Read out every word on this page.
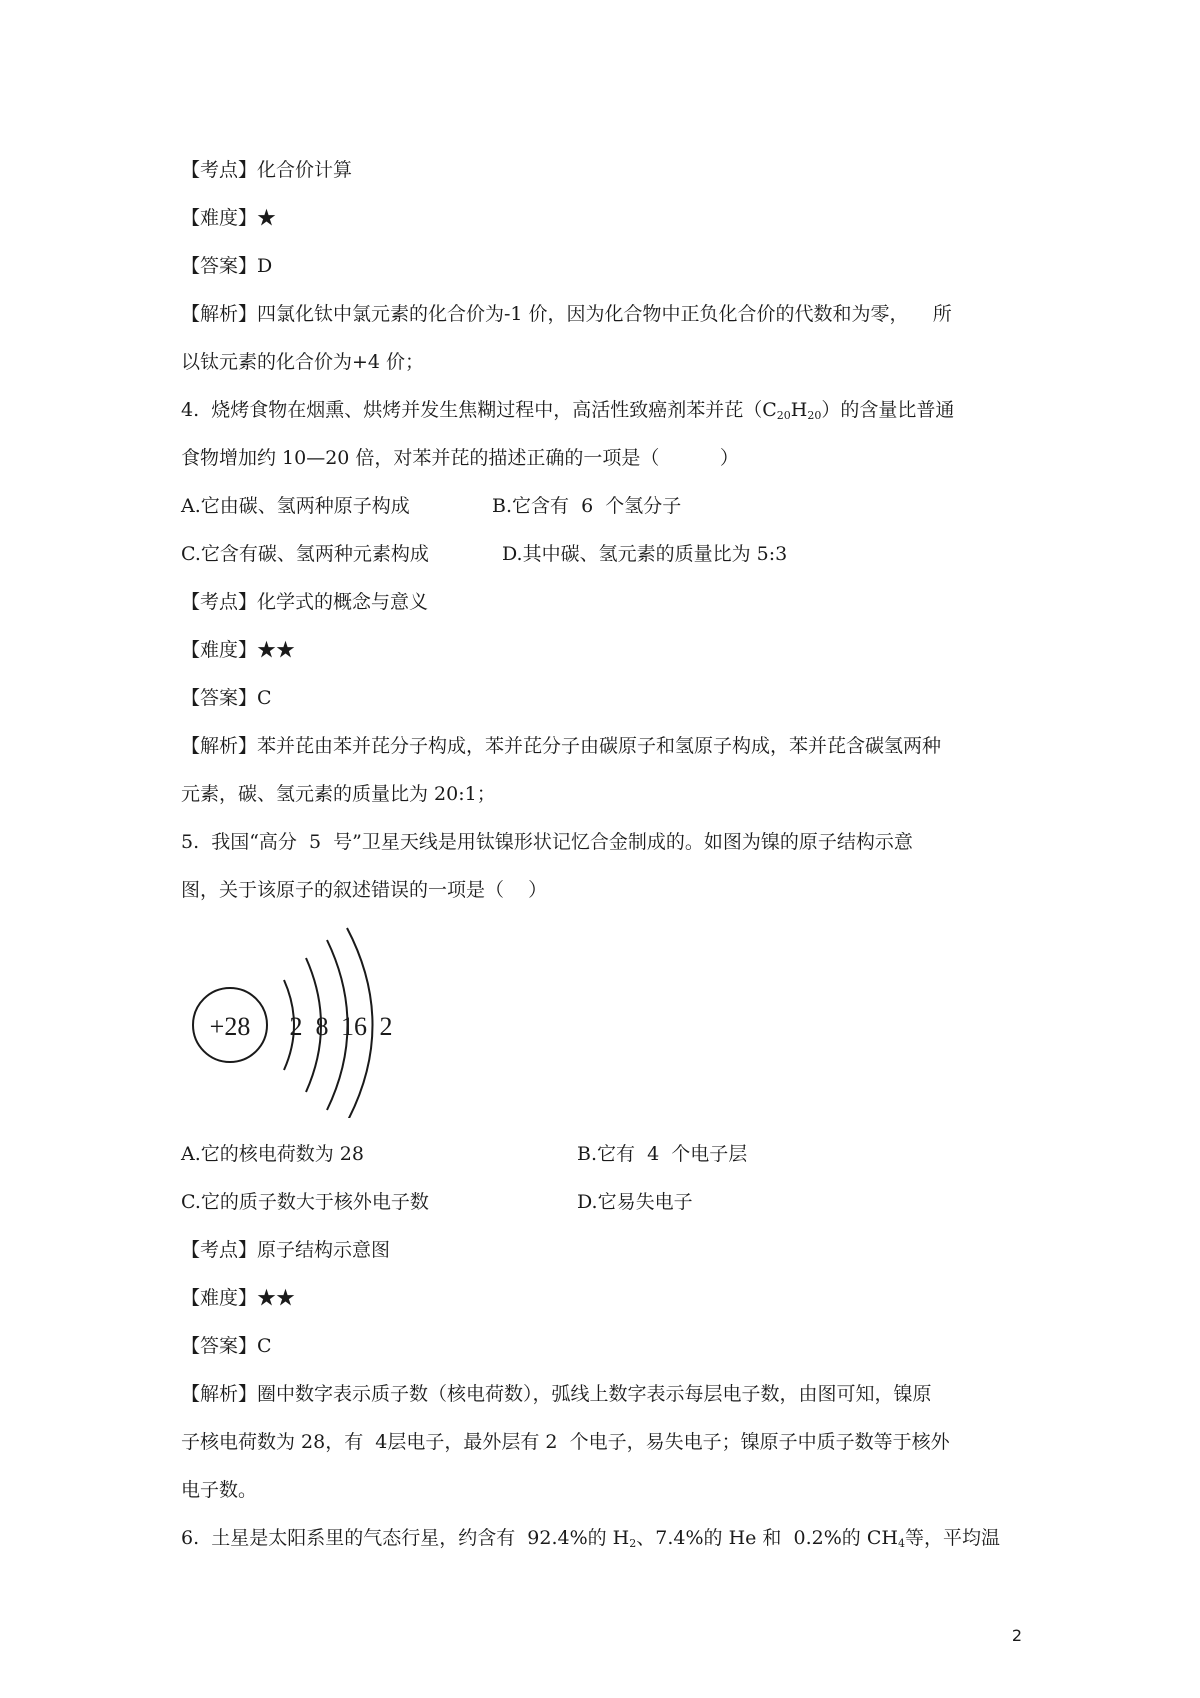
【考点】化合价计算
【难度】★
【答案】D
【解析】四氯化钛中氯元素的化合价为-1 价，因为化合物中正负化合价的代数和为零，    所
以钛元素的化合价为+4 价；
4.  烧烤食物在烟熏、烘烤并发生焦糊过程中，高活性致癌剂苯并芘$(C_{20}H_{20})$的含量比普通
食物增加约 10—20 倍，对苯并芘的描述正确的一项是（          ）
A.它由碳、氢两种原子构成	B.它含有  6  个氢分子
C.它含有碳、氢两种元素构成	D.其中碳、氢元素的质量比为 5:3
【考点】化学式的概念与意义
【难度】★★
【答案】C
【解析】苯并芘由苯并芘分子构成，苯并芘分子由碳原子和氢原子构成，苯并芘含碳氢两种
元素，碳、氢元素的质量比为 20:1；
5.  我国“高分  5  号”卫星天线是用钛镍形状记忆合金制成的。如图为镍的原子结构示意
图，关于该原子的叙述错误的一项是（    ）
+28 2 8 16 2
A.它的核电荷数为 28	B.它有  4  个电子层
C.它的质子数大于核外电子数	D.它易失电子
【考点】原子结构示意图
【难度】★★
【答案】C
【解析】圈中数字表示质子数（核电荷数），弧线上数字表示每层电子数，由图可知，镍原
子核电荷数为 28，有  4层电子，最外层有 2  个电子，易失电子；镍原子中质子数等于核外
电子数。
6.  土星是太阳系里的气态行星，约含有  92.4%的 $H_2$、7.4%的 He 和  0.2%的 $CH_4$等，平均温
2
